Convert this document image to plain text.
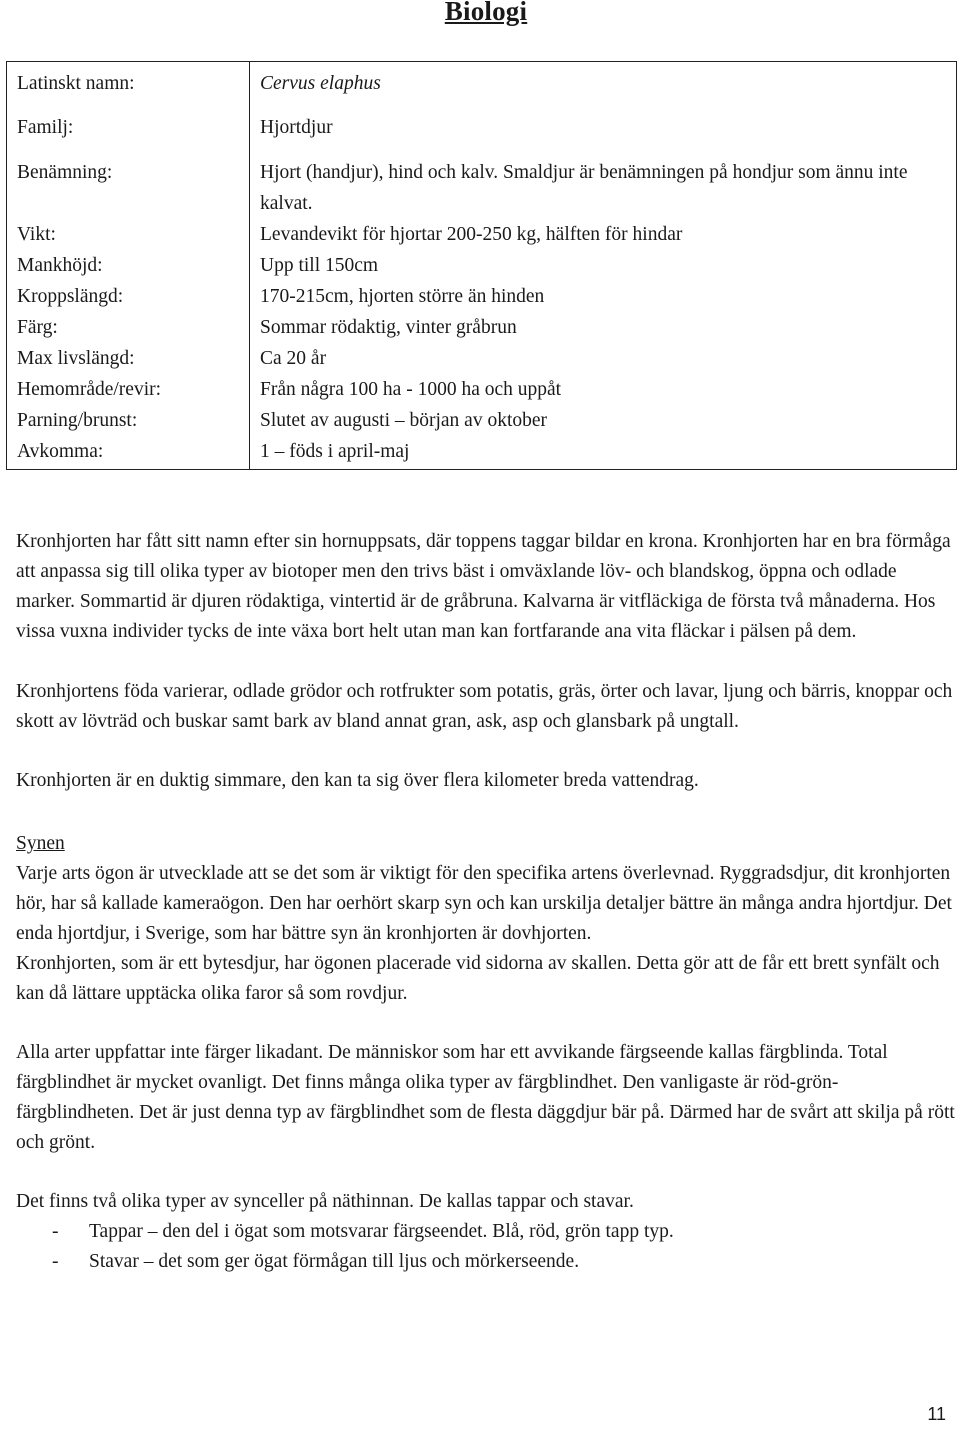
Biologi
Latinskt namn:	Cervus elaphus
Familj:	Hjortdjur
Benämning:	Hjort (handjur), hind och kalv. Smaldjur är benämningen på hondjur som ännu inte kalvat.
Vikt:	Levandevikt för hjortar 200-250 kg, hälften för hindar
Mankhöjd:	Upp till 150cm
Kroppslängd:	170-215cm, hjorten större än hinden
Färg:	Sommar rödaktig, vinter gråbrun
Max livslängd:	Ca 20 år
Hemområde/revir:	Från några 100 ha - 1000 ha och uppåt
Parning/brunst:	Slutet av augusti – början av oktober
Avkomma:	1 – föds i april-maj

Kronhjorten har fått sitt namn efter sin hornuppsats, där toppens taggar bildar en krona. Kronhjorten har en bra förmåga att anpassa sig till olika typer av biotoper men den trivs bäst i omväxlande löv- och blandskog, öppna och odlade marker. Sommartid är djuren rödaktiga, vintertid är de gråbruna. Kalvarna är vitfläckiga de första två månaderna. Hos vissa vuxna individer tycks de inte växa bort helt utan man kan fortfarande ana vita fläckar i pälsen på dem.

Kronhjortens föda varierar, odlade grödor och rotfrukter som potatis, gräs, örter och lavar, ljung och bärris, knoppar och skott av lövträd och buskar samt bark av bland annat gran, ask, asp och glansbark på ungtall.

Kronhjorten är en duktig simmare, den kan ta sig över flera kilometer breda vattendrag.

Synen

Varje arts ögon är utvecklade att se det som är viktigt för den specifika artens överlevnad. Ryggradsdjur, dit kronhjorten hör, har så kallade kameraögon. Den har oerhört skarp syn och kan urskilja detaljer bättre än många andra hjortdjur. Det enda hjortdjur, i Sverige, som har bättre syn än kronhjorten är dovhjorten.

Kronhjorten, som är ett bytesdjur, har ögonen placerade vid sidorna av skallen. Detta gör att de får ett brett synfält och kan då lättare upptäcka olika faror så som rovdjur.

Alla arter uppfattar inte färger likadant. De människor som har ett avvikande färgseende kallas färgblinda. Total färgblindhet är mycket ovanligt. Det finns många olika typer av färgblindhet. Den vanligaste är röd-grön-färgblindheten. Det är just denna typ av färgblindhet som de flesta däggdjur bär på. Därmed har de svårt att skilja på rött och grönt.

Det finns två olika typer av synceller på näthinnan. De kallas tappar och stavar.

-	Tappar – den del i ögat som motsvarar färgseendet. Blå, röd, grön tapp typ.
-	Stavar – det som ger ögat förmågan till ljus och mörkerseende.
11
